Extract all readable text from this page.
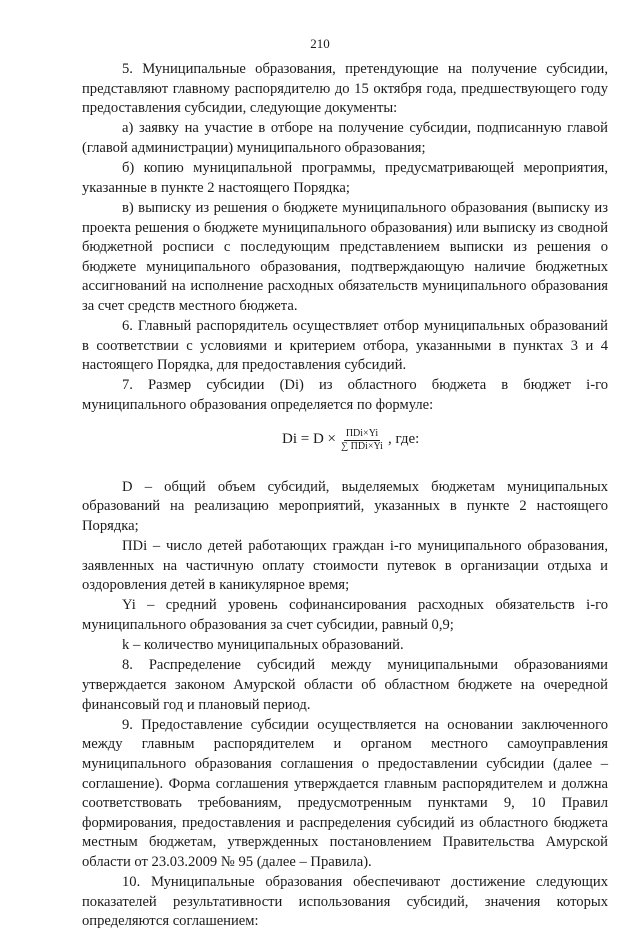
210

5. Муниципальные образования, претендующие на получение субсидии, представляют главному распорядителю до 15 октября года, предшествующего году предоставления субсидии, следующие документы:

а) заявку на участие в отборе на получение субсидии, подписанную главой (главой администрации) муниципального образования;

б) копию муниципальной программы, предусматривающей мероприятия, указанные в пункте 2 настоящего Порядка;

в) выписку из решения о бюджете муниципального образования (выписку из проекта решения о бюджете муниципального образования) или выписку из сводной бюджетной росписи с последующим представлением выписки из решения о бюджете муниципального образования, подтверждающую наличие бюджетных ассигнований на исполнение расходных обязательств муниципального образования за счет средств местного бюджета.

6. Главный распорядитель осуществляет отбор муниципальных образований в соответствии с условиями и критерием отбора, указанными в пунктах 3 и 4 настоящего Порядка, для предоставления субсидий.

7. Размер субсидии (Di) из областного бюджета в бюджет i-го муниципального образования определяется по формуле:

$Di = D \times \frac{\text{ПDi×Yi}}{\text{∑ ПDi×Yi}}$ , где:

D – общий объем субсидий, выделяемых бюджетам муниципальных образований на реализацию мероприятий, указанных в пункте 2 настоящего Порядка;

ПDi – число детей работающих граждан i-го муниципального образования, заявленных на частичную оплату стоимости путевок в организации отдыха и оздоровления детей в каникулярное время;

Yi – средний уровень софинансирования расходных обязательств i-го муниципального образования за счет субсидии, равный 0,9;

k – количество муниципальных образований.

8. Распределение субсидий между муниципальными образованиями утверждается законом Амурской области об областном бюджете на очередной финансовый год и плановый период.

9. Предоставление субсидии осуществляется на основании заключенного между главным распорядителем и органом местного самоуправления муниципального образования соглашения о предоставлении субсидии (далее – соглашение). Форма соглашения утверждается главным распорядителем и должна соответствовать требованиям, предусмотренным пунктами 9, 10 Правил формирования, предоставления и распределения субсидий из областного бюджета местным бюджетам, утвержденных постановлением Правительства Амурской области от 23.03.2009 № 95 (далее – Правила).

10. Муниципальные образования обеспечивают достижение следующих показателей результативности использования субсидий, значения которых определяются соглашением:
